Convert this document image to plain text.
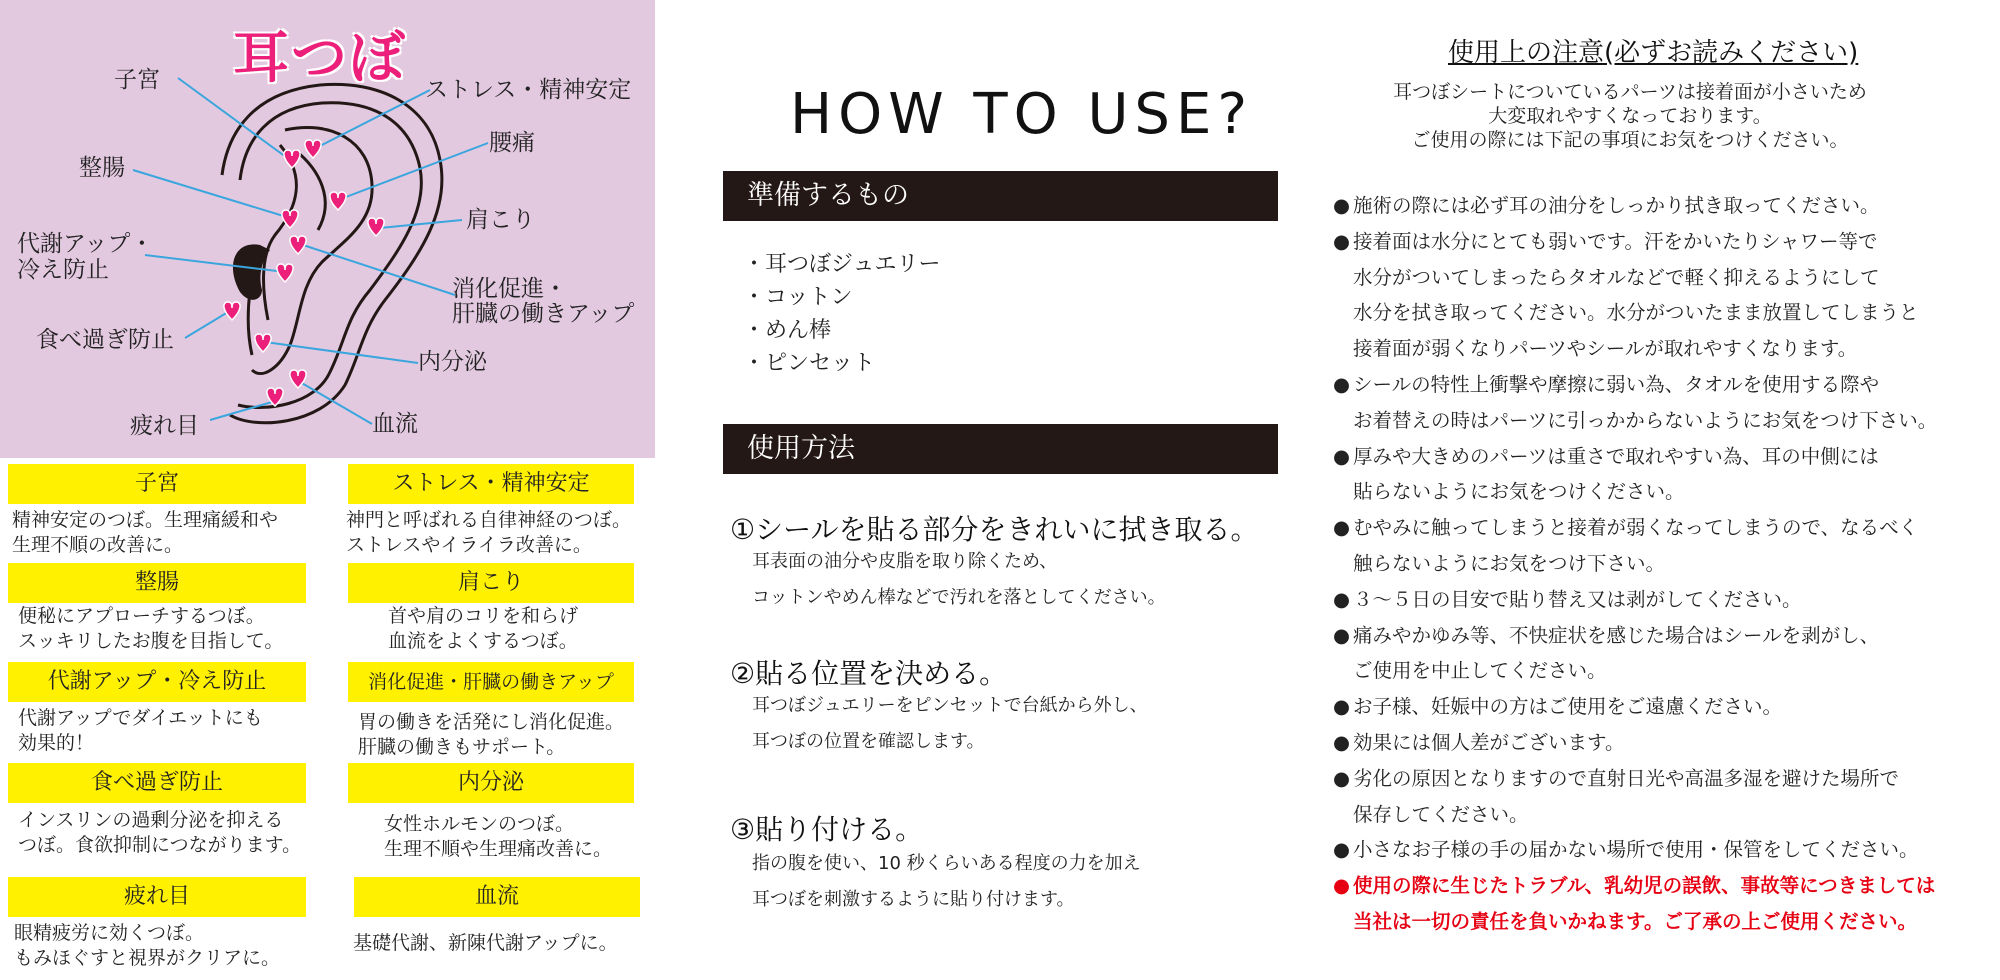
耳つぼ
子宮	ストレス・精神安定
整腸
腰痛
肩こり
代謝アップ・
冷え防止
消化促進・
肝臓の働きアップ
食べ過ぎ防止
内分泌
疲れ目	血流
子宮
精神安定のつぼ。生理痛緩和や
生理不順の改善に。
整腸
便秘にアプローチするつぼ。
スッキリしたお腹を目指して。
代謝アップ・冷え防止
代謝アップでダイエットにも
効果的！
食べ過ぎ防止
インスリンの過剰分泌を抑える
つぼ。食欲抑制につながります。
疲れ目
眼精疲労に効くつぼ。
もみほぐすと視界がクリアに。
ストレス・精神安定
神門と呼ばれる自律神経のつぼ。
ストレスやイライラ改善に。
肩こり
首や肩のコリを和らげ
血流をよくするつぼ。
消化促進・肝臓の働きアップ
胃の働きを活発にし消化促進。
肝臓の働きもサポート。
内分泌
女性ホルモンのつぼ。
生理不順や生理痛改善に。
血流
基礎代謝、新陳代謝アップに。
HOW TO USE?
準備するもの
・耳つぼジュエリー
・コットン
・めん棒
・ピンセット
使用方法
①シールを貼る部分をきれいに拭き取る。
耳表面の油分や皮脂を取り除くため、
コットンやめん棒などで汚れを落としてください。
②貼る位置を決める。
耳つぼジュエリーをピンセットで台紙から外し、
耳つぼの位置を確認します。
③貼り付ける。
指の腹を使い、10 秒くらいある程度の力を加え
耳つぼを刺激するように貼り付けます。
使用上の注意(必ずお読みください)
耳つぼシートについているパーツは接着面が小さいため
大変取れやすくなっております。
ご使用の際には下記の事項にお気をつけください。
● 施術の際には必ず耳の油分をしっかり拭き取ってください。
● 接着面は水分にとても弱いです。汗をかいたりシャワー等で
水分がついてしまったらタオルなどで軽く抑えるようにして
水分を拭き取ってください。水分がついたまま放置してしまうと
接着面が弱くなりパーツやシールが取れやすくなります。
● シールの特性上衝撃や摩擦に弱い為、タオルを使用する際や
お着替えの時はパーツに引っかからないようにお気をつけ下さい。
● 厚みや大きめのパーツは重さで取れやすい為、耳の中側には
貼らないようにお気をつけください。
● むやみに触ってしまうと接着が弱くなってしまうので、なるべく
触らないようにお気をつけ下さい。
● ３～５日の目安で貼り替え又は剥がしてください。
● 痛みやかゆみ等、不快症状を感じた場合はシールを剥がし、
ご使用を中止してください。
● お子様、妊娠中の方はご使用をご遠慮ください。
● 効果には個人差がございます。
● 劣化の原因となりますので直射日光や高温多湿を避けた場所で
保存してください。
● 小さなお子様の手の届かない場所で使用・保管をしてください。
● 使用の際に生じたトラブル、乳幼児の誤飲、事故等につきましては
当社は一切の責任を負いかねます。ご了承の上ご使用ください。
